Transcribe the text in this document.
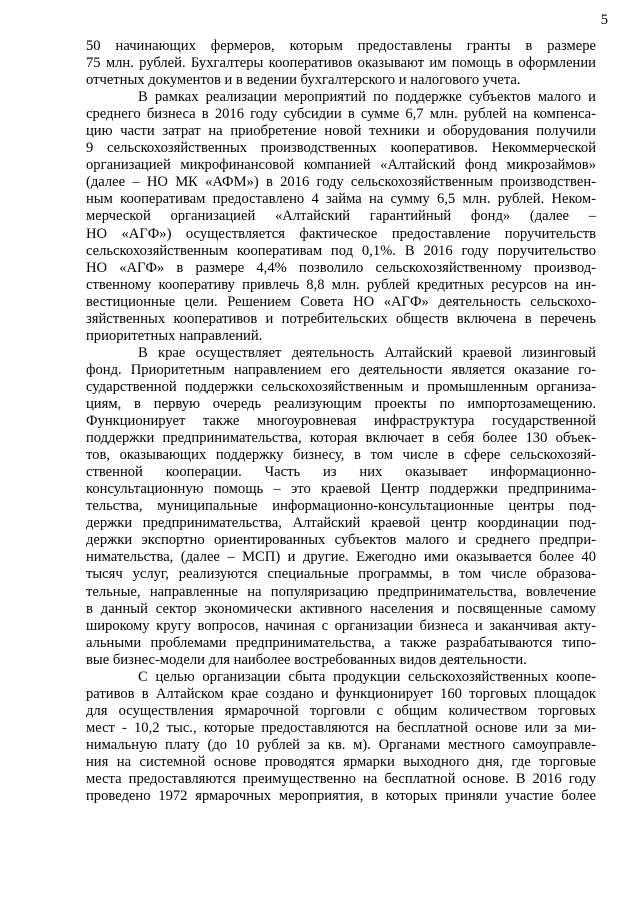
5
50 начинающих фермеров, которым предоставлены гранты в размере
75 млн. рублей. Бухгалтеры кооперативов оказывают им помощь в оформлении
отчетных документов и в ведении бухгалтерского и налогового учета.
В рамках реализации мероприятий по поддержке субъектов малого и
среднего бизнеса в 2016 году субсидии в сумме 6,7 млн. рублей на компенса-
цию части затрат на приобретение новой техники и оборудования получили
9 сельскохозяйственных производственных кооперативов. Некоммерческой
организацией микрофинансовой компанией «Алтайский фонд микрозаймов»
(далее – НО МК «АФМ») в 2016 году сельскохозяйственным производствен-
ным кооперативам предоставлено 4 займа на сумму 6,5 млн. рублей. Неком-
мерческой организацией «Алтайский гарантийный фонд» (далее –
НО «АГФ») осуществляется фактическое предоставление поручительств
сельскохозяйственным кооперативам под 0,1%. В 2016 году поручительство
НО «АГФ» в размере 4,4% позволило сельскохозяйственному производ-
ственному кооперативу привлечь 8,8 млн. рублей кредитных ресурсов на ин-
вестиционные цели. Решением Совета НО «АГФ» деятельность сельскохо-
зяйственных кооперативов и потребительских обществ включена в перечень
приоритетных направлений.
В крае осуществляет деятельность Алтайский краевой лизинговый
фонд. Приоритетным направлением его деятельности является оказание го-
сударственной поддержки сельскохозяйственным и промышленным организа-
циям, в первую очередь реализующим проекты по импортозамещению.
Функционирует также многоуровневая инфраструктура государственной
поддержки предпринимательства, которая включает в себя более 130 объек-
тов, оказывающих поддержку бизнесу, в том числе в сфере сельскохозяй-
ственной кооперации. Часть из них оказывает информационно-
консультационную помощь – это краевой Центр поддержки предпринима-
тельства, муниципальные информационно-консультационные центры под-
держки предпринимательства, Алтайский краевой центр координации под-
держки экспортно ориентированных субъектов малого и среднего предпри-
нимательства, (далее – МСП) и другие. Ежегодно ими оказывается более 40
тысяч услуг, реализуются специальные программы, в том числе образова-
тельные, направленные на популяризацию предпринимательства, вовлечение
в данный сектор экономически активного населения и посвященные самому
широкому кругу вопросов, начиная с организации бизнеса и заканчивая акту-
альными проблемами предпринимательства, а также разрабатываются типо-
вые бизнес-модели для наиболее востребованных видов деятельности.
С целью организации сбыта продукции сельскохозяйственных коопе-
ративов в Алтайском крае создано и функционирует 160 торговых площадок
для осуществления ярмарочной торговли с общим количеством торговых
мест - 10,2 тыс., которые предоставляются на бесплатной основе или за ми-
нимальную плату (до 10 рублей за кв. м). Органами местного самоуправле-
ния на системной основе проводятся ярмарки выходного дня, где торговые
места предоставляются преимущественно на бесплатной основе. В 2016 году
проведено 1972 ярмарочных мероприятия, в которых приняли участие более
